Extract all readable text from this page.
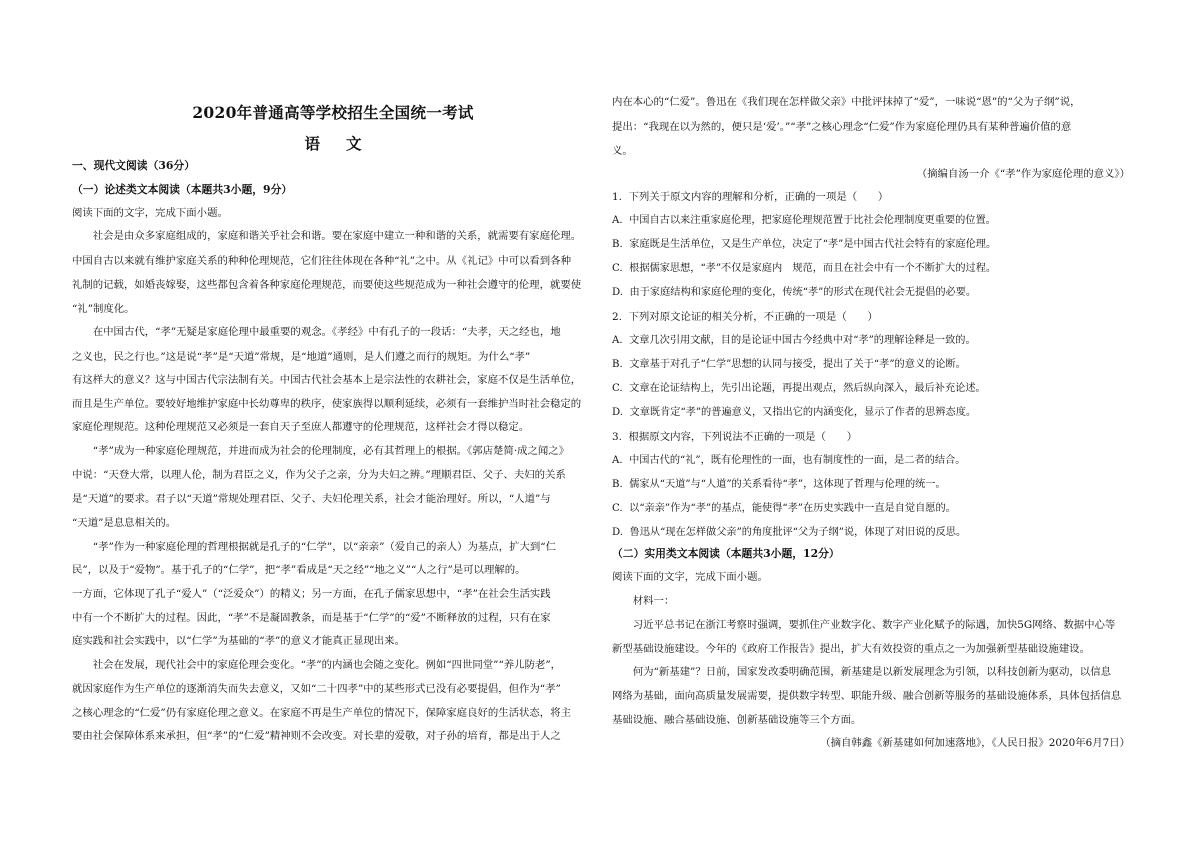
2020年普通高等学校招生全国统一考试
语文
一、现代文阅读（36分）
（一）论述类文本阅读（本题共3小题，9分）
阅读下面的文字，完成下面小题。
　　社会是由众多家庭组成的，家庭和谐关乎社会和谐。要在家庭中建立一种和谐的关系，就需要有家庭伦理。
中国自古以来就有维护家庭关系的种种伦理规范，它们往往体现在各种“礼”之中。从《礼记》中可以看到各种
礼制的记载，如婚丧嫁娶，这些都包含着各种家庭伦理规范，而要使这些规范成为一种社会遵守的伦理，就要使
“礼”制度化。
　　在中国古代，“孝”无疑是家庭伦理中最重要的观念。《孝经》中有孔子的一段话：“夫孝，天之经也，地
之义也，民之行也。”这是说“孝”是“天道”常规，是“地道”通则，是人们遵之而行的规矩。为什么“孝”
有这样大的意义？这与中国古代宗法制有关。中国古代社会基本上是宗法性的农耕社会，家庭不仅是生活单位，
而且是生产单位。要较好地维护家庭中长幼尊卑的秩序，使家族得以顺利延续，必须有一套维护当时社会稳定的
家庭伦理规范。这种伦理规范又必须是一套自天子至庶人都遵守的伦理规范，这样社会才得以稳定。
　　“孝”成为一种家庭伦理规范，并进而成为社会的伦理制度，必有其哲理上的根据。《郭店楚简·成之闻之》
中说：“天登大常，以理人伦，制为君臣之义，作为父子之亲，分为夫妇之辨。”理顺君臣、父子、夫妇的关系
是“天道”的要求。君子以“天道”常规处理君臣、父子、夫妇伦理关系，社会才能治理好。所以，“人道”与
“天道”是息息相关的。
　　“孝”作为一种家庭伦理的哲理根据就是孔子的“仁学”，以“亲亲”（爱自己的亲人）为基点，扩大到“仁
民”，以及于“爱物”。基于孔子的“仁学”，把“孝”看成是“天之经”“地之义”“人之行”是可以理解的。
一方面，它体现了孔子“爱人”（“泛爱众”）的精义；另一方面，在孔子儒家思想中，“孝”在社会生活实践
中有一个不断扩大的过程。因此，“孝”不是凝固教条，而是基于“仁学”的“爱”不断释放的过程，只有在家
庭实践和社会实践中，以“仁学”为基础的“孝”的意义才能真正显现出来。
　　社会在发展，现代社会中的家庭伦理会变化。“孝”的内涵也会随之变化。例如“四世同堂”“养儿防老”，
就因家庭作为生产单位的逐渐消失而失去意义，又如“二十四孝”中的某些形式已没有必要提倡，但作为“孝”
之核心理念的“仁爱”仍有家庭伦理之意义。在家庭不再是生产单位的情况下，保障家庭良好的生活状态，将主
要由社会保障体系来承担，但“孝”的“仁爱”精神则不会改变。对长辈的爱敬，对子孙的培育，都是出于人之
内在本心的“仁爱”。鲁迅在《我们现在怎样做父亲》中批评抹掉了“爱”，一味说“恩”的“父为子纲”说，
提出：“我现在以为然的，便只是‘爱’。”“孝”之核心理念“仁爱”作为家庭伦理仍具有某种普遍价值的意
义。
（摘编自汤一介《“孝”作为家庭伦理的意义》）
1.  下列关于原文内容的理解和分析，正确的一项是（　　）
A.  中国自古以来注重家庭伦理，把家庭伦理规范置于比社会伦理制度更重要的位置。
B.  家庭既是生活单位，又是生产单位，决定了“孝”是中国古代社会特有的家庭伦理。
C.  根据儒家思想，“孝”不仅是家庭内　规范，而且在社会中有一个不断扩大的过程。
D.  由于家庭结构和家庭伦理的变化，传统“孝”的形式在现代社会无提倡的必要。
2.  下列对原文论证的相关分析，不正确的一项是（　　）
A.  文章几次引用文献，目的是论证中国古今经典中对“孝”的理解诠释是一致的。
B.  文章基于对孔子“仁学”思想的认同与接受，提出了关于“孝”的意义的论断。
C.  文章在论证结构上，先引出论题，再提出观点，然后纵向深入，最后补充论述。
D.  文章既肯定“孝”的普遍意义，又指出它的内涵变化，显示了作者的思辨态度。
3.  根据原文内容，下列说法不正确的一项是（　　）
A.  中国古代的“礼”，既有伦理性的一面，也有制度性的一面，是二者的结合。
B.  儒家从“天道”与“人道”的关系看待“孝”，这体现了哲理与伦理的统一。
C.  以“亲亲”作为“孝”的基点，能使得“孝”在历史实践中一直是自觉自愿的。
D.  鲁迅从“现在怎样做父亲”的角度批评“父为子纲”说，体现了对旧说的反思。
（二）实用类文本阅读（本题共3小题，12分）
阅读下面的文字，完成下面小题。
　　材料一：
　　习近平总书记在浙江考察时强调，要抓住产业数字化、数字产业化赋予的际遇，加快5G网络、数据中心等
新型基础设施建设。今年的《政府工作报告》提出，扩大有效投资的重点之一为加强新型基础设施建设。
　　何为“新基建”？日前，国家发改委明确范围，新基建是以新发展理念为引领，以科技创新为驱动，以信息
网络为基础，面向高质量发展需要，提供数字转型、职能升级、融合创新等服务的基础设施体系，具体包括信息
基础设施、融合基础设施、创新基础设施等三个方面。
（摘自韩鑫《新基建如何加速落地》，《人民日报》2020年6月7日）
